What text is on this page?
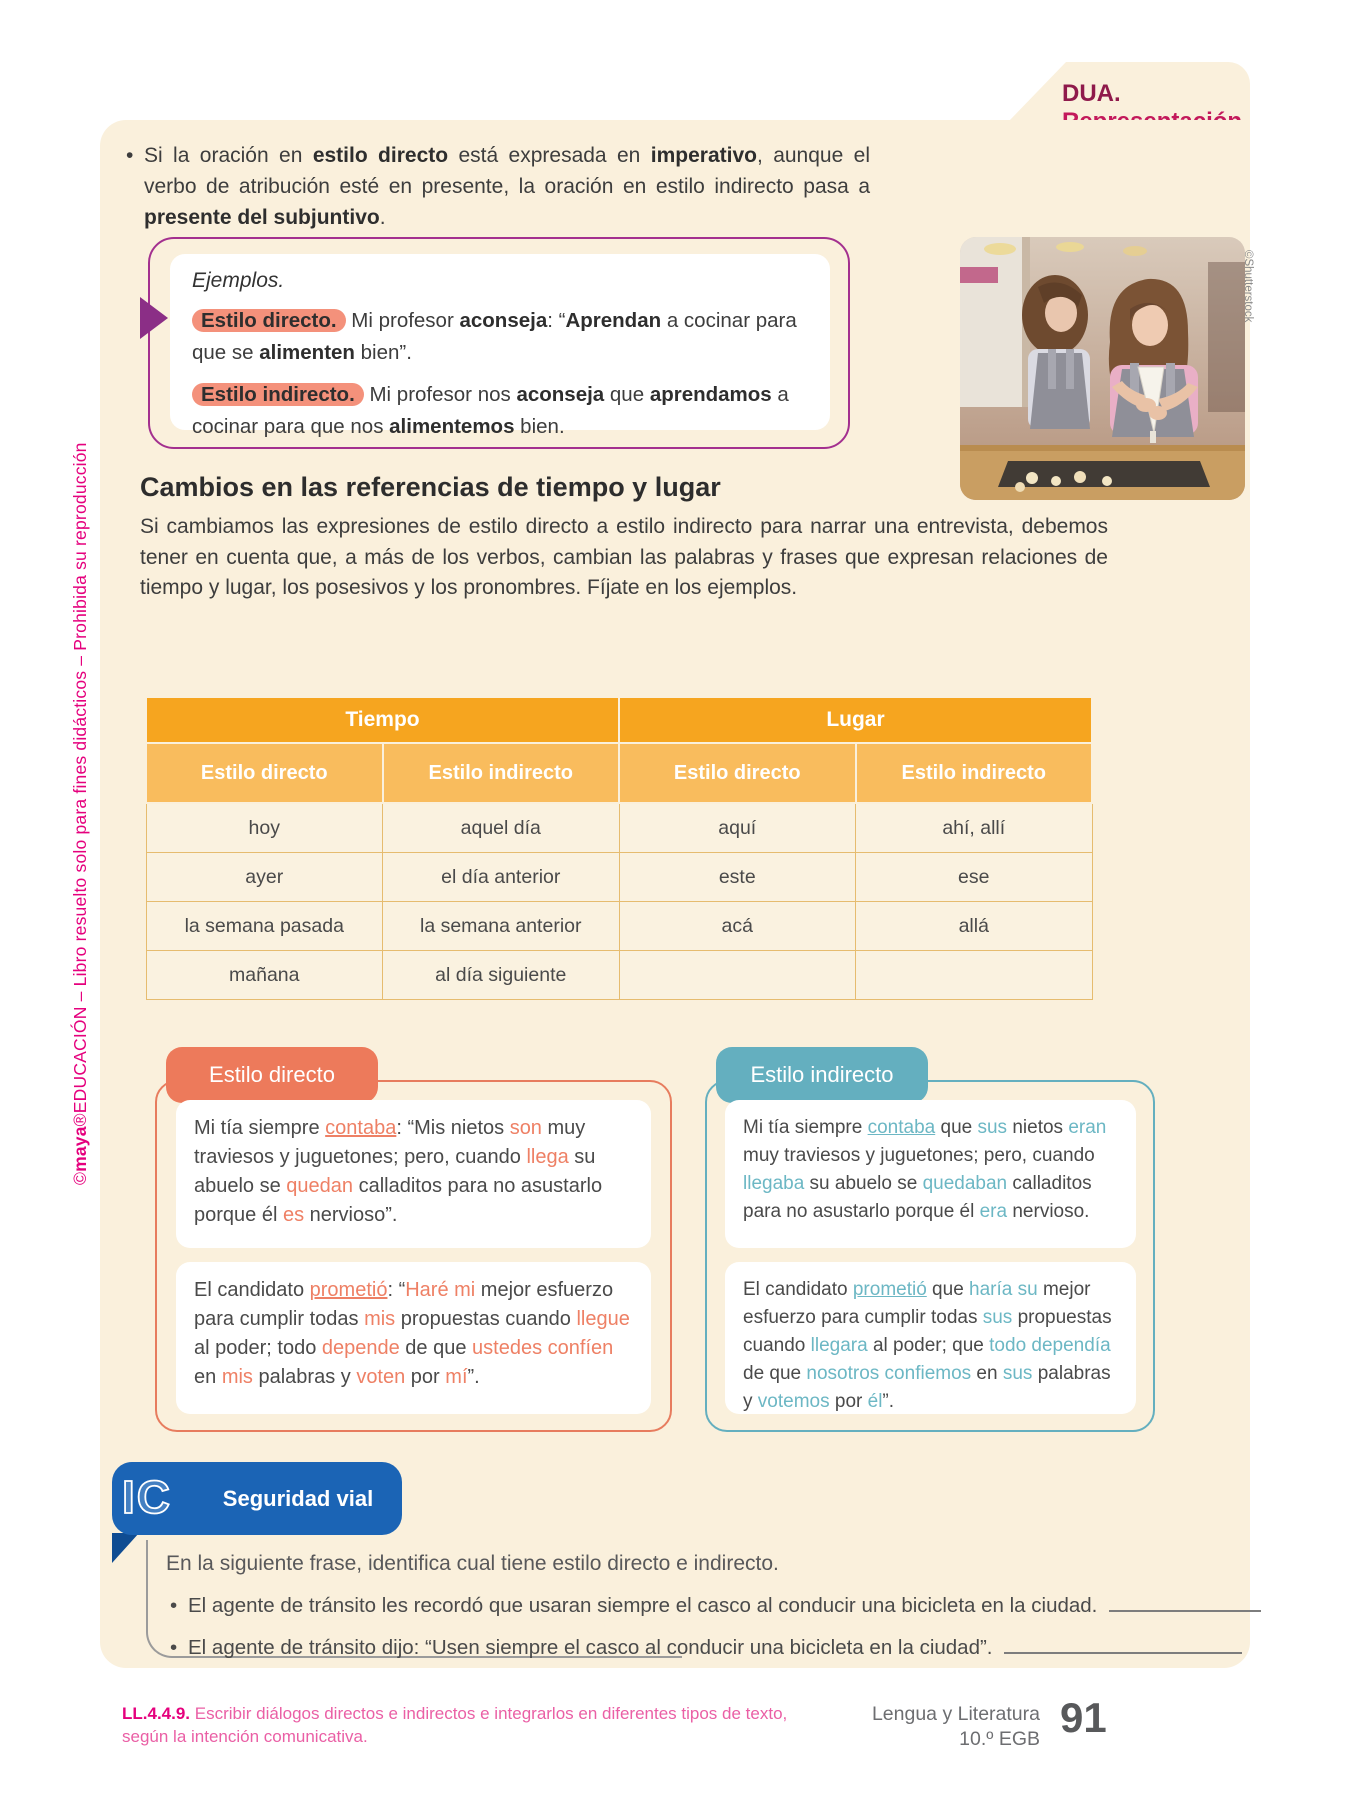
©maya®EDUCACIÓN – Libro resuelto solo para fines didácticos – Prohibida su reproducción
DUA.
• Si la oración en estilo directo está expresada en imperativo, aunque el verbo de atribución esté en presente, la oración en estilo indirecto pasa a presente del subjuntivo.
Ejemplos.
Estilo directo. Mi profesor aconseja: “Aprendan a cocinar para que se alimenten bien”.
Estilo indirecto. Mi profesor nos aconseja que aprendamos a cocinar para que nos alimentemos bien.
©Shutterstock
Cambios en las referencias de tiempo y lugar
Si cambiamos las expresiones de estilo directo a estilo indirecto para narrar una entrevista, debemos tener en cuenta que, a más de los verbos, cambian las palabras y frases que expresan relaciones de tiempo y lugar, los posesivos y los pronombres. Fíjate en los ejemplos.
Tiempo		Lugar	
Estilo directo	Estilo indirecto	Estilo directo	Estilo indirecto
hoy	aquel día	aquí	ahí, allí
ayer	el día anterior	este	ese
la semana pasada	la semana anterior	acá	allá
mañana	al día siguiente		
Estilo directo
Mi tía siempre contaba: “Mis nietos son muy traviesos y juguetones; pero, cuando llega su abuelo se quedan calladitos para no asustarlo porque él es nervioso”.
El candidato prometió: “Haré mi mejor esfuerzo para cumplir todas mis propuestas cuando llegue al poder; todo depende de que ustedes confíen en mis palabras y voten por mí”.
Estilo indirecto
Mi tía siempre contaba que sus nietos eran muy traviesos y juguetones; pero, cuando llegaba su abuelo se quedaban calladitos para no asustarlo porque él era nervioso.
El candidato prometió que haría su mejor esfuerzo para cumplir todas sus propuestas cuando llegara al poder; que todo dependía de que nosotros confiemos en sus palabras y votemos por él”.
IC	Seguridad vial
En la siguiente frase, identifica cual tiene estilo directo e indirecto.
• El agente de tránsito les recordó que usaran siempre el casco al conducir una bicicleta en la ciudad.
• El agente de tránsito dijo: “Usen siempre el casco al conducir una bicicleta en la ciudad”.
LL.4.4.9. Escribir diálogos directos e indirectos e integrarlos en diferentes tipos de texto, según la intención comunicativa.
Lengua y Literatura
10.º EGB 91
